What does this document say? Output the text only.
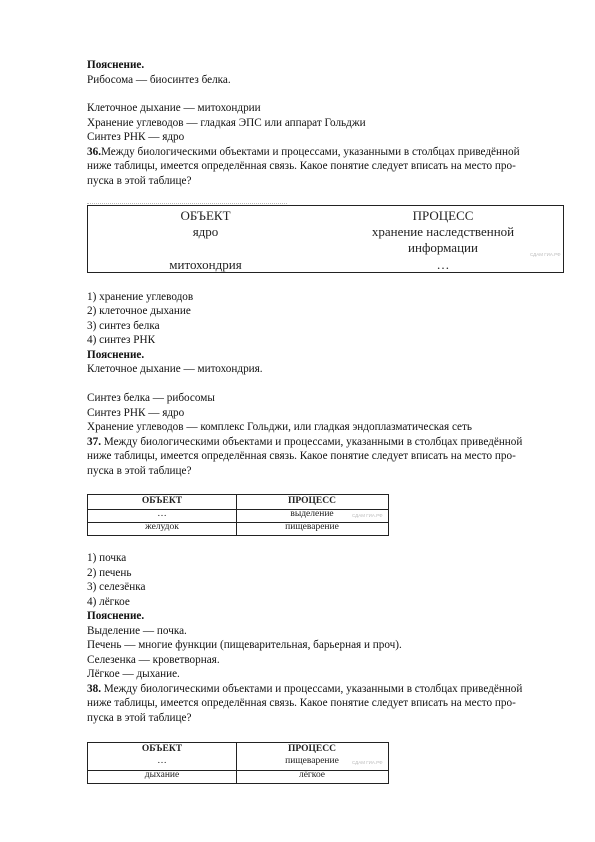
Пояснение.
Рибосома — биосинтез белка.
Клеточное дыхание — митохондрии
Хранение углеводов — гладкая ЭПС или аппарат Гольджи
Синтез РНК — ядро
36.Между биологическими объектами и процессами, указанными в столбцах приведённой
ниже таблицы, имеется определённая связь. Какое понятие следует вписать на место про-
пуска в этой таблице?
ОБЪЕКТ	ПРОЦЕСС
ядро	хранение наследственной
информации
митохондрия	…
СДАМ ГИА.РФ
1) хранение углеводов
2) клеточное дыхание
3) синтез белка
4) синтез РНК
Пояснение.
Клеточное дыхание — митохондрия.
Синтез белка — рибосомы
Синтез РНК — ядро
Хранение углеводов — комплекс Гольджи, или гладкая эндоплазматическая сеть
37. Между биологическими объектами и процессами, указанными в столбцах приведённой
ниже таблицы, имеется определённая связь. Какое понятие следует вписать на место про-
пуска в этой таблице?
ОБЪЕКТ	ПРОЦЕСС
…	выделение
желудок	пищеварение
СДАМ ГИА.РФ
1) почка
2) печень
3) селезёнка
4) лёгкое
Пояснение.
Выделение — почка.
Печень — многие функции (пищеварительная, барьерная и проч).
Селезенка — кроветворная.
Лёгкое — дыхание.
38. Между биологическими объектами и процессами, указанными в столбцах приведённой
ниже таблицы, имеется определённая связь. Какое понятие следует вписать на место про-
пуска в этой таблице?
ОБЪЕКТ	ПРОЦЕСС
…	пищеварение
дыхание	лёгкое
СДАМ ГИА.РФ
